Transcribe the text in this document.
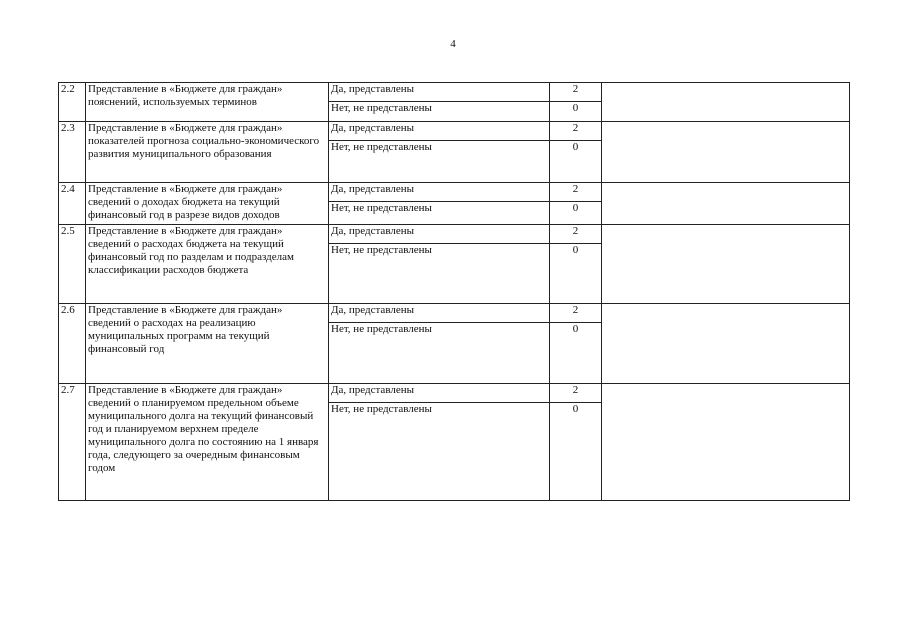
4
2.2	Представление в «Бюджете для граждан» пояснений, используемых терминов	Да, представлены	2	
		Нет, не представлены	0	
2.3	Представление в «Бюджете для граждан» показателей прогноза социально-экономического развития муниципального образования	Да, представлены	2	
		Нет, не представлены	0	
2.4	Представление в «Бюджете для граждан» сведений о доходах бюджета на текущий финансовый год в разрезе видов доходов	Да, представлены	2	
		Нет, не представлены	0	
2.5	Представление в «Бюджете для граждан» сведений о расходах бюджета на текущий финансовый год по разделам и подразделам классификации расходов бюджета	Да, представлены	2	
		Нет, не представлены	0	
2.6	Представление в «Бюджете для граждан» сведений о расходах на реализацию муниципальных программ на текущий финансовый год	Да, представлены	2	
		Нет, не представлены	0	
2.7	Представление в «Бюджете для граждан» сведений о планируемом предельном объеме муниципального долга на текущий финансовый год и планируемом верхнем пределе муниципального долга по состоянию на 1 января года, следующего за очередным финансовым годом	Да, представлены	2	
		Нет, не представлены	0	
